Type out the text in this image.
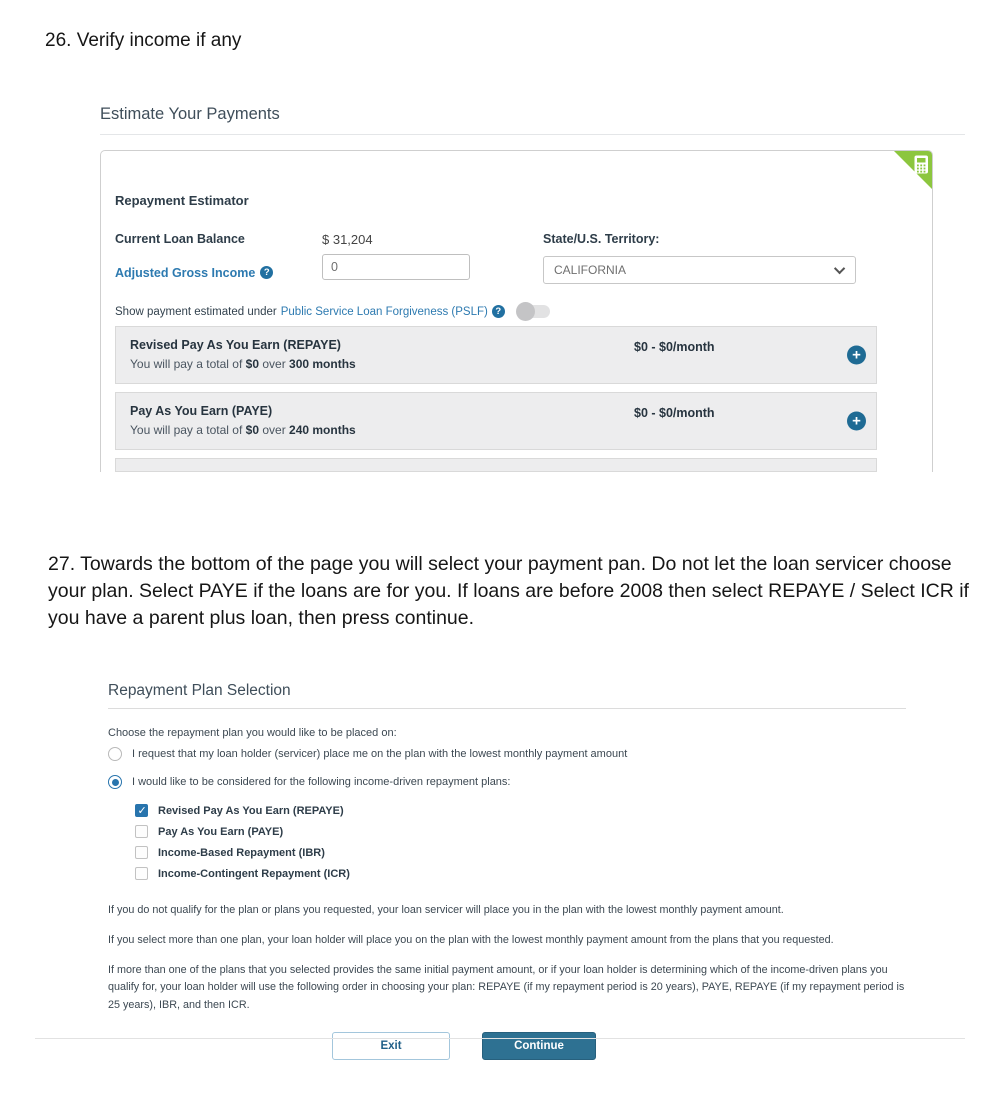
26. Verify income if any
Estimate Your Payments
Repayment Estimator
Current Loan Balance	$ 31,204	State/U.S. Territory:
Adjusted Gross Income ?
0	CALIFORNIA
Show payment estimated under Public Service Loan Forgiveness (PSLF) ?
Revised Pay As You Earn (REPAYE)
You will pay a total of $0 over 300 months
$0 - $0/month	+
Pay As You Earn (PAYE)
You will pay a total of $0 over 240 months
$0 - $0/month	+
27. Towards the bottom of the page you will select your payment pan. Do not let the loan servicer choose your plan. Select PAYE if the loans are for you. If loans are before 2008 then select REPAYE / Select ICR if you have a parent plus loan, then press continue.
Repayment Plan Selection
Choose the repayment plan you would like to be placed on:
I request that my loan holder (servicer) place me on the plan with the lowest monthly payment amount
I would like to be considered for the following income-driven repayment plans:
✓
Revised Pay As You Earn (REPAYE)
Pay As You Earn (PAYE)
Income-Based Repayment (IBR)
Income-Contingent Repayment (ICR)

If you do not qualify for the plan or plans you requested, your loan servicer will place you in the plan with the lowest monthly payment amount.

If you select more than one plan, your loan holder will place you on the plan with the lowest monthly payment amount from the plans that you requested.

If more than one of the plans that you selected provides the same initial payment amount, or if your loan holder is determining which of the income-driven plans you qualify for, your loan holder will use the following order in choosing your plan: REPAYE (if my repayment period is 20 years), PAYE, REPAYE (if my repayment period is 25 years), IBR, and then ICR.

Exit	Continue
